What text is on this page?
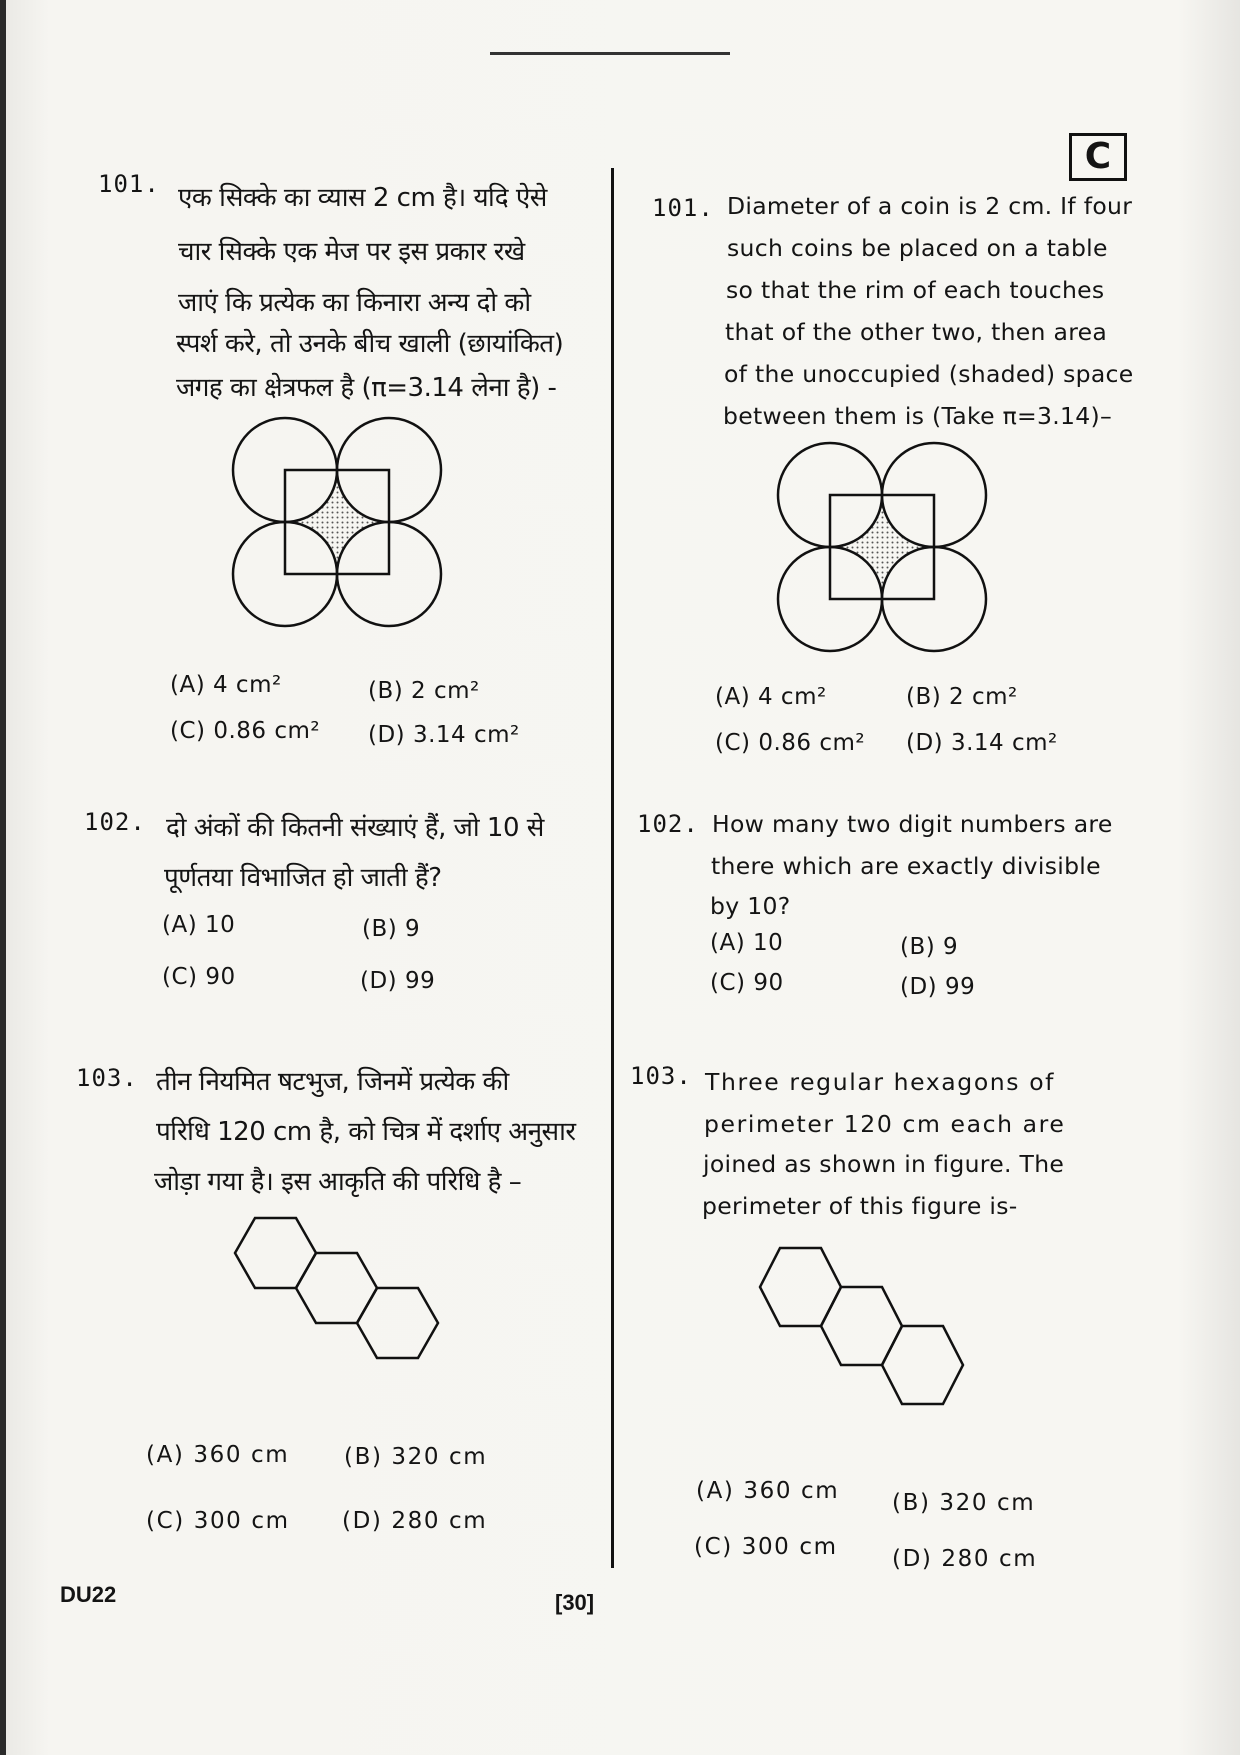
C
101. एक सिक्के का व्यास 2 cm है। यदि ऐसे
चार सिक्के एक मेज पर इस प्रकार रखे
जाएं कि प्रत्येक का किनारा अन्य दो को
स्पर्श करे, तो उनके बीच खाली (छायांकित)
जगह का क्षेत्रफल है (π=3.14 लेना है) -
(A) 4 cm²	(B) 2 cm²
(C) 0.86 cm² (D) 3.14 cm²
102. दो अंकों की कितनी संख्याएं हैं, जो 10 से
पूर्णतया विभाजित हो जाती हैं?
(A) 10	(B) 9
(C) 90	(D) 99
103. तीन नियमित षटभुज, जिनमें प्रत्येक की
परिधि 120 cm है, को चित्र में दर्शाए अनुसार
जोड़ा गया है। इस आकृति की परिधि है –
(A) 360 cm (B) 320 cm
(C) 300 cm (D) 280 cm
101. Diameter of a coin is 2 cm. If four
such coins be placed on a table
so that the rim of each touches
that of the other two, then area
of the unoccupied (shaded) space
between them is (Take π=3.14)–
(A) 4 cm²	(B) 2 cm²
(C) 0.86 cm² (D) 3.14 cm²
102. How many two digit numbers are
there which are exactly divisible
by 10?
(A) 10	(B) 9
(C) 90	(D) 99
103. Three regular hexagons of
perimeter 120 cm each are
joined as shown in figure. The
perimeter of this figure is-
(A) 360 cm (B) 320 cm
(C) 300 cm (D) 280 cm
DU22	[30]
